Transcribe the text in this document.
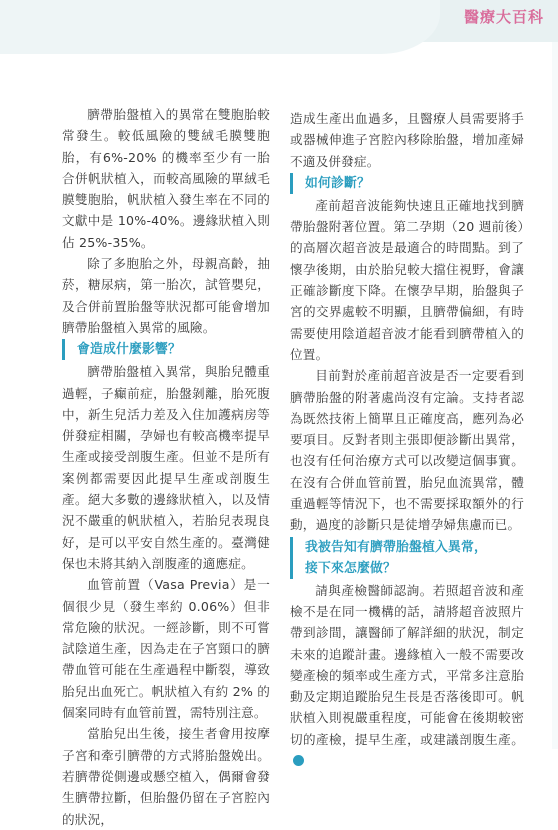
醫療大百科

臍帶胎盤植入的異常在雙胞胎較常發生。較低風險的雙絨毛膜雙胞胎，有6%-20% 的機率至少有一胎合併帆狀植入，而較高風險的單絨毛膜雙胞胎，帆狀植入發生率在不同的文獻中是 10%-40%。邊緣狀植入則佔 25%-35%。

除了多胞胎之外，母親高齡，抽菸，糖尿病，第一胎次，試管嬰兒，及合併前置胎盤等狀況都可能會增加臍帶胎盤植入異常的風險。

會造成什麼影響？

臍帶胎盤植入異常，與胎兒體重過輕，子癲前症，胎盤剝離，胎死腹中，新生兒活力差及入住加護病房等併發症相關，孕婦也有較高機率提早生產或接受剖腹生產。但並不是所有案例都需要因此提早生產或剖腹生產。絕大多數的邊緣狀植入，以及情況不嚴重的帆狀植入，若胎兒表現良好，是可以平安自然生產的。臺灣健保也未將其納入剖腹產的適應症。

血管前置（Vasa Previa）是一個很少見（發生率約 0.06%）但非常危險的狀況。一經診斷，則不可嘗試陰道生產，因為走在子宮頸口的臍帶血管可能在生產過程中斷裂，導致胎兒出血死亡。帆狀植入有約 2% 的個案同時有血管前置，需特別注意。

當胎兒出生後，接生者會用按摩子宮和牽引臍帶的方式將胎盤娩出。若臍帶從側邊或懸空植入，偶爾會發生臍帶拉斷，但胎盤仍留在子宮腔內的狀況，

造成生產出血過多，且醫療人員需要將手或器械伸進子宮腔內移除胎盤，增加產婦不適及併發症。

如何診斷？

產前超音波能夠快速且正確地找到臍帶胎盤附著位置。第二孕期（20 週前後）的高層次超音波是最適合的時間點。到了懷孕後期，由於胎兒較大擋住視野，會讓正確診斷度下降。在懷孕早期，胎盤與子宮的交界處較不明顯，且臍帶偏細，有時需要使用陰道超音波才能看到臍帶植入的位置。

目前對於產前超音波是否一定要看到臍帶胎盤的附著處尚沒有定論。支持者認為既然技術上簡單且正確度高，應列為必要項目。反對者則主張即便診斷出異常，也沒有任何治療方式可以改變這個事實。在沒有合併血管前置，胎兒血流異常，體重過輕等情況下，也不需要採取額外的行動，過度的診斷只是徒增孕婦焦慮而已。

我被告知有臍帶胎盤植入異常，
接下來怎麼做？

請與產檢醫師認詢。若照超音波和產檢不是在同一機構的話，請將超音波照片帶到診間，讓醫師了解詳細的狀況，制定未來的追蹤計畫。邊緣植入一般不需要改變產檢的頻率或生產方式，平常多注意胎動及定期追蹤胎兒生長是否落後即可。帆狀植入則視嚴重程度，可能會在後期較密切的產檢，提早生產，或建議剖腹生產。
